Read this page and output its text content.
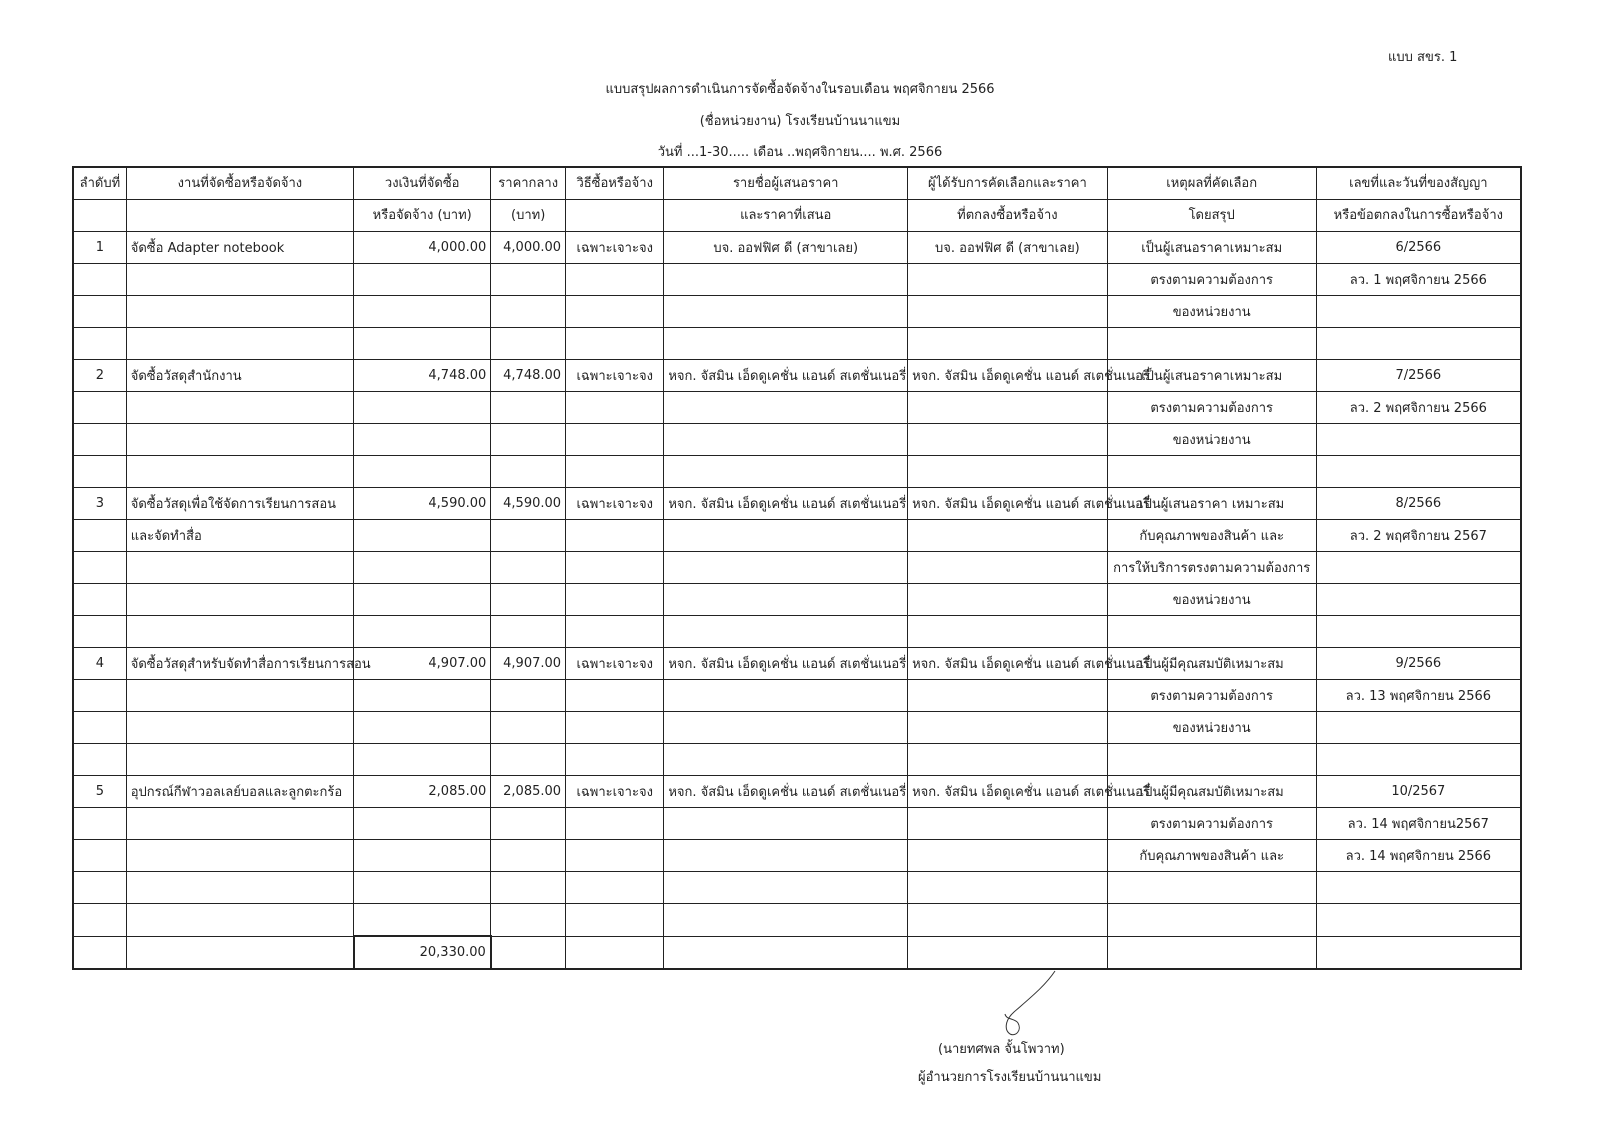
แบบ สขร. 1
แบบสรุปผลการดำเนินการจัดซื้อจัดจ้างในรอบเดือน พฤศจิกายน 2566
(ชื่อหน่วยงาน) โรงเรียนบ้านนาแขม
วันที่ ...1-30..... เดือน ..พฤศจิกายน.... พ.ศ. 2566
ลำดับที่	งานที่จัดซื้อหรือจัดจ้าง	วงเงินที่จัดซื้อ	ราคากลาง	วิธีซื้อหรือจ้าง	รายชื่อผู้เสนอราคา	ผู้ได้รับการคัดเลือกและราคา	เหตุผลที่คัดเลือก	เลขที่และวันที่ของสัญญา
		หรือจัดจ้าง (บาท)	(บาท)		และราคาที่เสนอ	ที่ตกลงซื้อหรือจ้าง	โดยสรุป	หรือข้อตกลงในการซื้อหรือจ้าง
1	จัดซื้อ Adapter notebook	4,000.00	4,000.00	เฉพาะเจาะจง	บจ. ออฟฟิศ ดี (สาขาเลย)	บจ. ออฟฟิศ ดี (สาขาเลย)	เป็นผู้เสนอราคาเหมาะสม	6/2566
							ตรงตามความต้องการ	ลว. 1 พฤศจิกายน 2566
							ของหน่วยงาน	

2	จัดซื้อวัสดุสำนักงาน	4,748.00	4,748.00	เฉพาะเจาะจง	หจก. จัสมิน เอ็ดดูเคชั่น แอนด์ สเตชั่นเนอรี่	หจก. จัสมิน เอ็ดดูเคชั่น แอนด์ สเตชั่นเนอรี่	เป็นผู้เสนอราคาเหมาะสม	7/2566
							ตรงตามความต้องการ	ลว. 2 พฤศจิกายน 2566
							ของหน่วยงาน	

3	จัดซื้อวัสดุเพื่อใช้จัดการเรียนการสอน	4,590.00	4,590.00	เฉพาะเจาะจง	หจก. จัสมิน เอ็ดดูเคชั่น แอนด์ สเตชั่นเนอรี่	หจก. จัสมิน เอ็ดดูเคชั่น แอนด์ สเตชั่นเนอรี่	เป็นผู้เสนอราคา เหมาะสม	8/2566
	และจัดทำสื่อ						กับคุณภาพของสินค้า และ	ลว. 2 พฤศจิกายน 2567
							การให้บริการตรงตามความต้องการ	
							ของหน่วยงาน	

4	จัดซื้อวัสดุสำหรับจัดทำสื่อการเรียนการสอน	4,907.00	4,907.00	เฉพาะเจาะจง	หจก. จัสมิน เอ็ดดูเคชั่น แอนด์ สเตชั่นเนอรี่	หจก. จัสมิน เอ็ดดูเคชั่น แอนด์ สเตชั่นเนอรี่	เป็นผู้มีคุณสมบัติเหมาะสม	9/2566
							ตรงตามความต้องการ	ลว. 13 พฤศจิกายน 2566
							ของหน่วยงาน	

5	อุปกรณ์กีฬาวอลเลย์บอลและลูกตะกร้อ	2,085.00	2,085.00	เฉพาะเจาะจง	หจก. จัสมิน เอ็ดดูเคชั่น แอนด์ สเตชั่นเนอรี่	หจก. จัสมิน เอ็ดดูเคชั่น แอนด์ สเตชั่นเนอรี่	เป็นผู้มีคุณสมบัติเหมาะสม	10/2567
							ตรงตามความต้องการ	ลว. 14 พฤศจิกายน2567
							กับคุณภาพของสินค้า และ	ลว. 14 พฤศจิกายน 2566

		20,330.00						
(นายทศพล จั้นโพวาท)
ผู้อำนวยการโรงเรียนบ้านนาแขม
